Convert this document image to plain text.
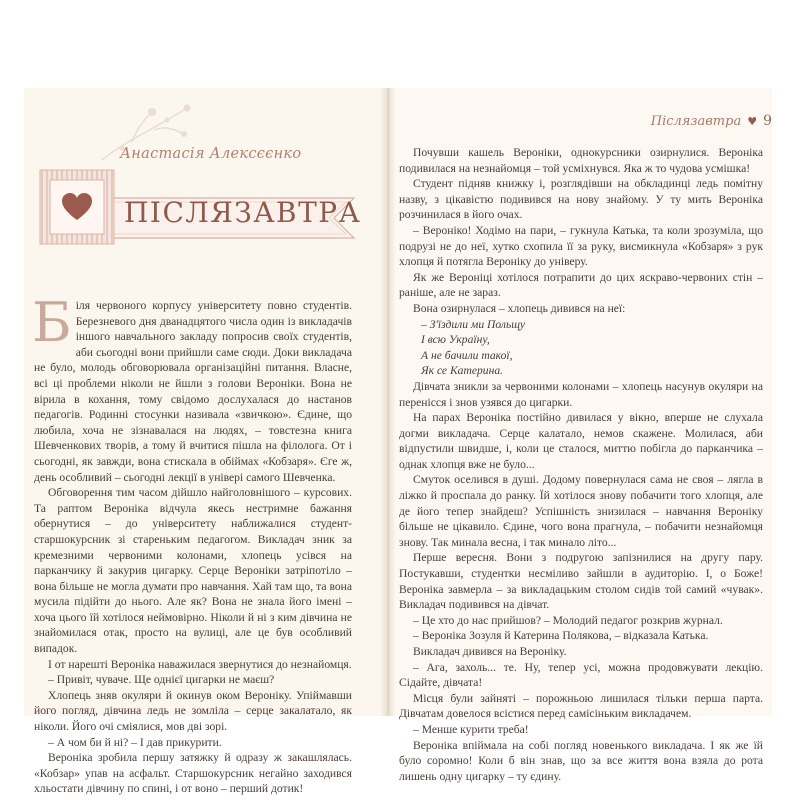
Анастасія Алексєєнко
ПІСЛЯЗАВТРА

Біля червоного корпусу університету повно студентів. Березневого дня дванадцятого числа один із викладачів іншого навчального закладу попросив своїх студентів, аби сьогодні вони прийшли саме сюди. Доки викладача не було, молодь обговорювала організаційні питання. Власне, всі ці проблеми ніколи не йшли з голови Вероніки. Вона не вірила в кохання, тому свідомо дослухалася до настанов педагогів. Родинні стосунки називала «звичкою». Єдине, що любила, хоча не зізнавалася на людях, – товстезна книга Шевченкових творів, а тому й вчитися пішла на філолога. От і сьогодні, як завжди, вона стискала в обіймах «Кобзаря». Єге ж, день особливий – сьогодні лекції в універі самого Шевченка.

Обговорення тим часом дійшло найголовнішого – курсових. Та раптом Вероніка відчула якесь нестримне бажання обернутися – до університету наближалися студент-старшокурсник зі стареньким педагогом. Викладач зник за кремезними червоними колонами, хлопець усівся на парканчику й закурив цигарку. Серце Вероніки затріпотіло – вона більше не могла думати про навчання. Хай там що, та вона мусила підійти до нього. Але як? Вона не знала його імені – хоча цього їй хотілося неймовірно. Ніколи й ні з ким дівчина не знайомилася отак, просто на вулиці, але це був особливий випадок.

І от нарешті Вероніка наважилася звернутися до незнайомця.

– Привіт, чуваче. Ще однієї цигарки не маєш?

Хлопець зняв окуляри й окинув оком Вероніку. Упіймавши його погляд, дівчина ледь не зомліла – серце закалатало, як ніколи. Його очі сміялися, мов дві зорі.

– А чом би й ні? – І дав прикурити.

Вероніка зробила першу затяжку й одразу ж закашлялась. «Кобзар» упав на асфальт. Старшокурсник негайно заходився хльостати дівчину по спині, і от воно – перший дотик!

Післязавтра ♥ 9

Почувши кашель Вероніки, однокурсники озирнулися. Вероніка подивилася на незнайомця – той усміхнувся. Яка ж то чудова усмішка!

Студент підняв книжку і, розглядівши на обкладинці ледь помітну назву, з цікавістю подивився на нову знайому. У ту мить Вероніка розчинилася в його очах.

– Вероніко! Ходімо на пари, – гукнула Катька, та коли зрозуміла, що подрузі не до неї, хутко схопила її за руку, висмикнула «Кобзаря» з рук хлопця й потягла Вероніку до універу.

Як же Вероніці хотілося потрапити до цих яскраво-червоних стін – раніше, але не зараз.

Вона озирнулася – хлопець дивився на неї:

– З'їздили ми Польщу

І всю Україну,

А не бачили такої,

Як се Катерина.

Дівчата зникли за червоними колонами – хлопець насунув окуляри на перенісся і знов узявся до цигарки.

На парах Вероніка постійно дивилася у вікно, вперше не слухала догми викладача. Серце калатало, немов скажене. Молилася, аби відпустили швидше, і, коли це сталося, миттю побігла до парканчика – однак хлопця вже не було...

Смуток оселився в душі. Додому повернулася сама не своя – лягла в ліжко й проспала до ранку. Їй хотілося знову побачити того хлопця, але де його тепер знайдеш? Успішність знизилася – навчання Вероніку більше не цікавило. Єдине, чого вона прагнула, – побачити незнайомця знову. Так минала весна, і так минало літо...

Перше вересня. Вони з подругою запізнилися на другу пару. Постукавши, студентки несміливо зайшли в аудиторію. І, о Боже! Вероніка завмерла – за викладацьким столом сидів той самий «чувак». Викладач подивився на дівчат.

– Це хто до нас прийшов? – Молодий педагог розкрив журнал.

– Вероніка Зозуля й Катерина Полякова, – відказала Катька.

Викладач дивився на Вероніку.

– Ага, захоль... те. Ну, тепер усі, можна продовжувати лекцію. Сідайте, дівчата!

Місця були зайняті – порожньою лишилася тільки перша парта. Дівчатам довелося всістися перед самісіньким викладачем.

– Менше курити треба!

Вероніка впіймала на собі погляд новенького викладача. І як же їй було соромно! Коли б він знав, що за все життя вона взяла до рота лишень одну цигарку – ту єдину.
